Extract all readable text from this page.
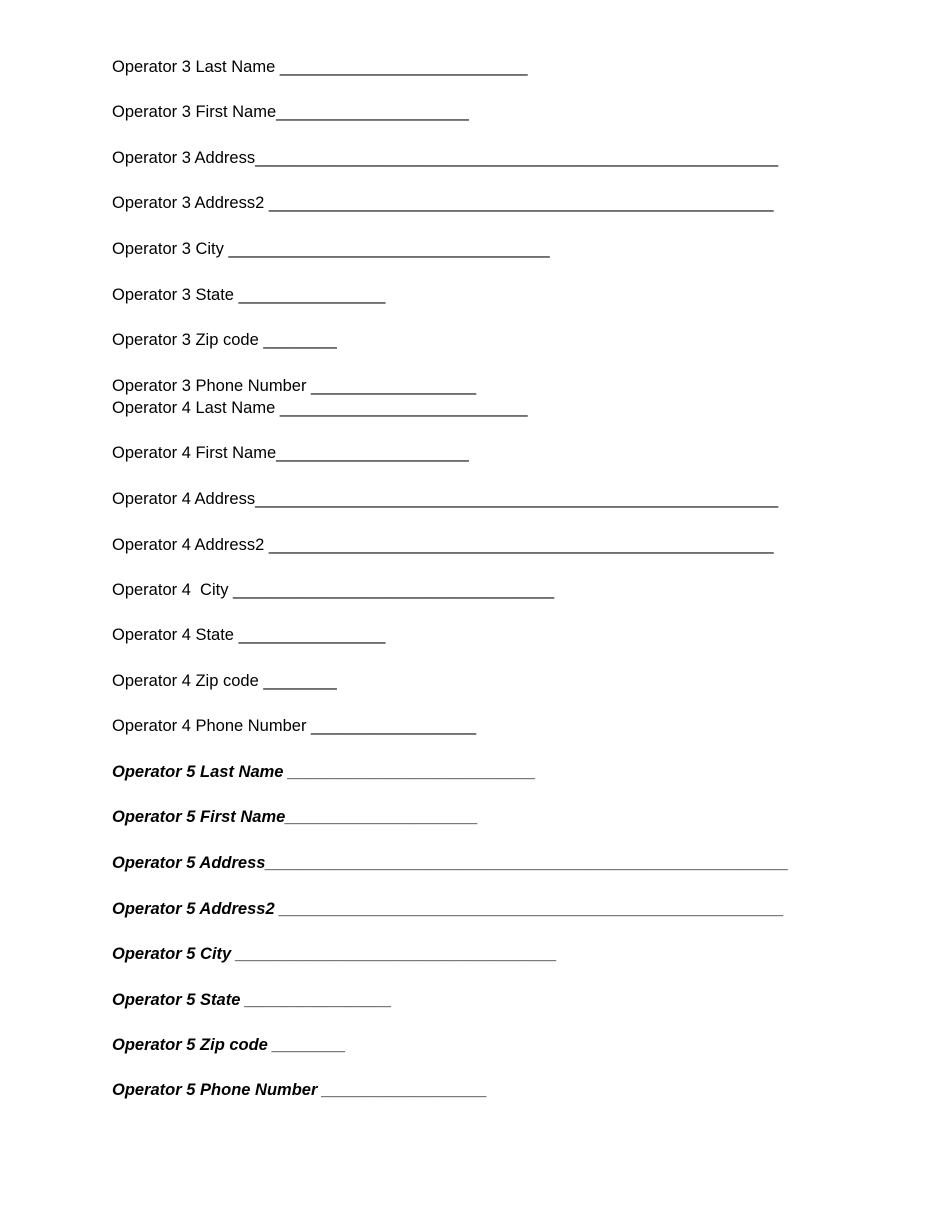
Operator 3 Last Name ___________________________
Operator 3 First Name_____________________
Operator 3 Address_________________________________________________________
Operator 3 Address2 _______________________________________________________
Operator 3 City ___________________________________
Operator 3 State ________________
Operator 3 Zip code ________
Operator 3 Phone Number __________________
Operator 4 Last Name ___________________________
Operator 4 First Name_____________________
Operator 4 Address_________________________________________________________
Operator 4 Address2 _______________________________________________________
Operator 4  City ___________________________________
Operator 4 State ________________
Operator 4 Zip code ________
Operator 4 Phone Number __________________
Operator 5 Last Name ___________________________
Operator 5 First Name_____________________
Operator 5 Address_________________________________________________________
Operator 5 Address2 _______________________________________________________
Operator 5 City ___________________________________
Operator 5 State ________________
Operator 5 Zip code ________
Operator 5 Phone Number __________________
